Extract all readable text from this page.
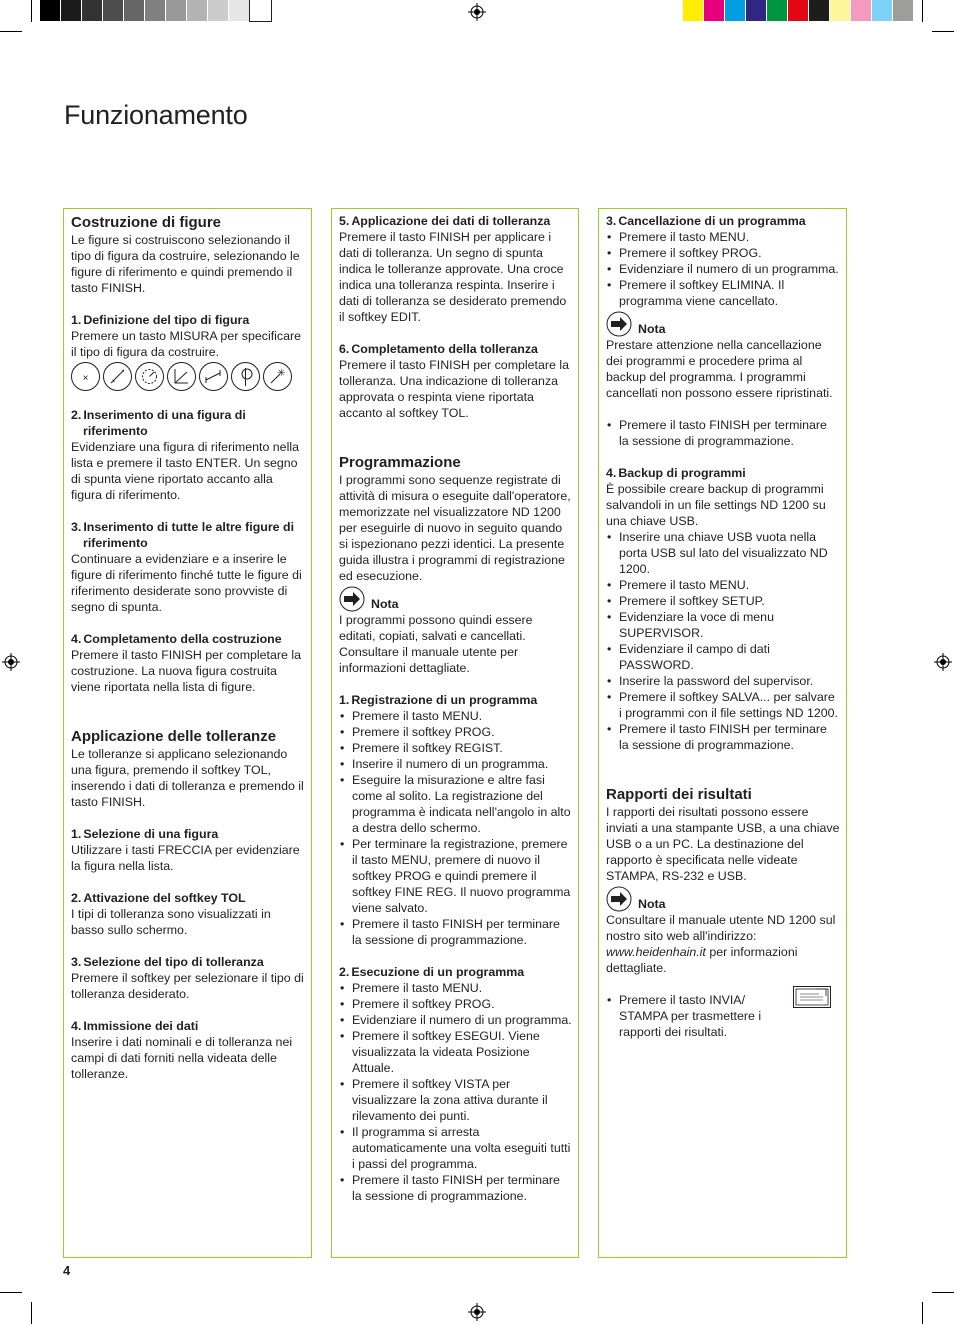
Funzionamento
Costruzione di figure

Le figure si costruiscono selezionando il tipo di figura da costruire, selezionando le figure di riferimento e quindi premendo il tasto FINISH.

1. Definizione del tipo di figura

Premere un tasto MISURA per specificare il tipo di figura da costruire.

×	×
×	✳

2. Inserimento di una figura di riferimento

Evidenziare una figura di riferimento nella lista e premere il tasto ENTER. Un segno di spunta viene riportato accanto alla figura di riferimento.

3. Inserimento di tutte le altre figure di riferimento

Continuare a evidenziare e a inserire le figure di riferimento finché tutte le figure di riferimento desiderate sono provviste di segno di spunta.

4. Completamento della costruzione

Premere il tasto FINISH per completare la costruzione. La nuova figura costruita viene riportata nella lista di figure.

Applicazione delle tolleranze

Le tolleranze si applicano selezionando una figura, premendo il softkey TOL, inserendo i dati di tolleranza e premendo il tasto FINISH.

1. Selezione di una figura

Utilizzare i tasti FRECCIA per evidenziare la figura nella lista.

2. Attivazione del softkey TOL

I tipi di tolleranza sono visualizzati in basso sullo schermo.

3. Selezione del tipo di tolleranza

Premere il softkey per selezionare il tipo di tolleranza desiderato.

4. Immissione dei dati

Inserire i dati nominali e di tolleranza nei campi di dati forniti nella videata delle tolleranze.

5. Applicazione dei dati di tolleranza

Premere il tasto FINISH per applicare i dati di tolleranza. Un segno di spunta indica le tolleranze approvate. Una croce indica una tolleranza respinta. Inserire i dati di tolleranza se desiderato premendo il softkey EDIT.

6. Completamento della tolleranza

Premere il tasto FINISH per completare la tolleranza. Una indicazione di tolleranza approvata o respinta viene riportata accanto al softkey TOL.

Programmazione

I programmi sono sequenze registrate di attività di misura o eseguite dall'operatore, memorizzate nel visualizzatore ND 1200 per eseguirle di nuovo in seguito quando si ispezionano pezzi identici. La presente guida illustra i programmi di registrazione ed esecuzione.

Nota

I programmi possono quindi essere editati, copiati, salvati e cancellati. Consultare il manuale utente per informazioni dettagliate.

1. Registrazione di un programma

• Premere il tasto MENU.
• Premere il softkey PROG.
• Premere il softkey REGIST.
• Inserire il numero di un programma.
• Eseguire la misurazione e altre fasi come al solito. La registrazione del programma è indicata nell'angolo in alto a destra dello schermo.
• Per terminare la registrazione, premere il tasto MENU, premere di nuovo il softkey PROG e quindi premere il softkey FINE REG. Il nuovo programma viene salvato.
• Premere il tasto FINISH per terminare la sessione di programmazione.

2. Esecuzione di un programma

• Premere il tasto MENU.
• Premere il softkey PROG.
• Evidenziare il numero di un programma.
• Premere il softkey ESEGUI. Viene visualizzata la videata Posizione Attuale.
• Premere il softkey VISTA per visualizzare la zona attiva durante il rilevamento dei punti.
• Il programma si arresta automaticamente una volta eseguiti tutti i passi del programma.
• Premere il tasto FINISH per terminare la sessione di programmazione.

3. Cancellazione di un programma

• Premere il tasto MENU.
• Premere il softkey PROG.
• Evidenziare il numero di un programma.
• Premere il softkey ELIMINA. Il programma viene cancellato.
Nota

Prestare attenzione nella cancellazione dei programmi e procedere prima al backup del programma. I programmi cancellati non possono essere ripristinati.

• Premere il tasto FINISH per terminare la sessione di programmazione.

4. Backup di programmi

È possibile creare backup di programmi salvandoli in un file settings ND 1200 su una chiave USB.

• Inserire una chiave USB vuota nella porta USB sul lato del visualizzato ND 1200.
• Premere il tasto MENU.
• Premere il softkey SETUP.
• Evidenziare la voce di menu SUPERVISOR.
• Evidenziare il campo di dati PASSWORD.
• Inserire la password del supervisor.
• Premere il softkey SALVA... per salvare i programmi con il file settings ND 1200.
• Premere il tasto FINISH per terminare la sessione di programmazione.
Rapporti dei risultati

I rapporti dei risultati possono essere inviati a una stampante USB, a una chiave USB o a un PC. La destinazione del rapporto è specificata nelle videate STAMPA, RS-232 e USB.

Nota

Consultare il manuale utente ND 1200 sul nostro sito web all'indirizzo: www.heidenhain.it per informazioni dettagliate.

• Premere il tasto INVIA/ STAMPA per trasmettere i rapporti dei risultati.
4
